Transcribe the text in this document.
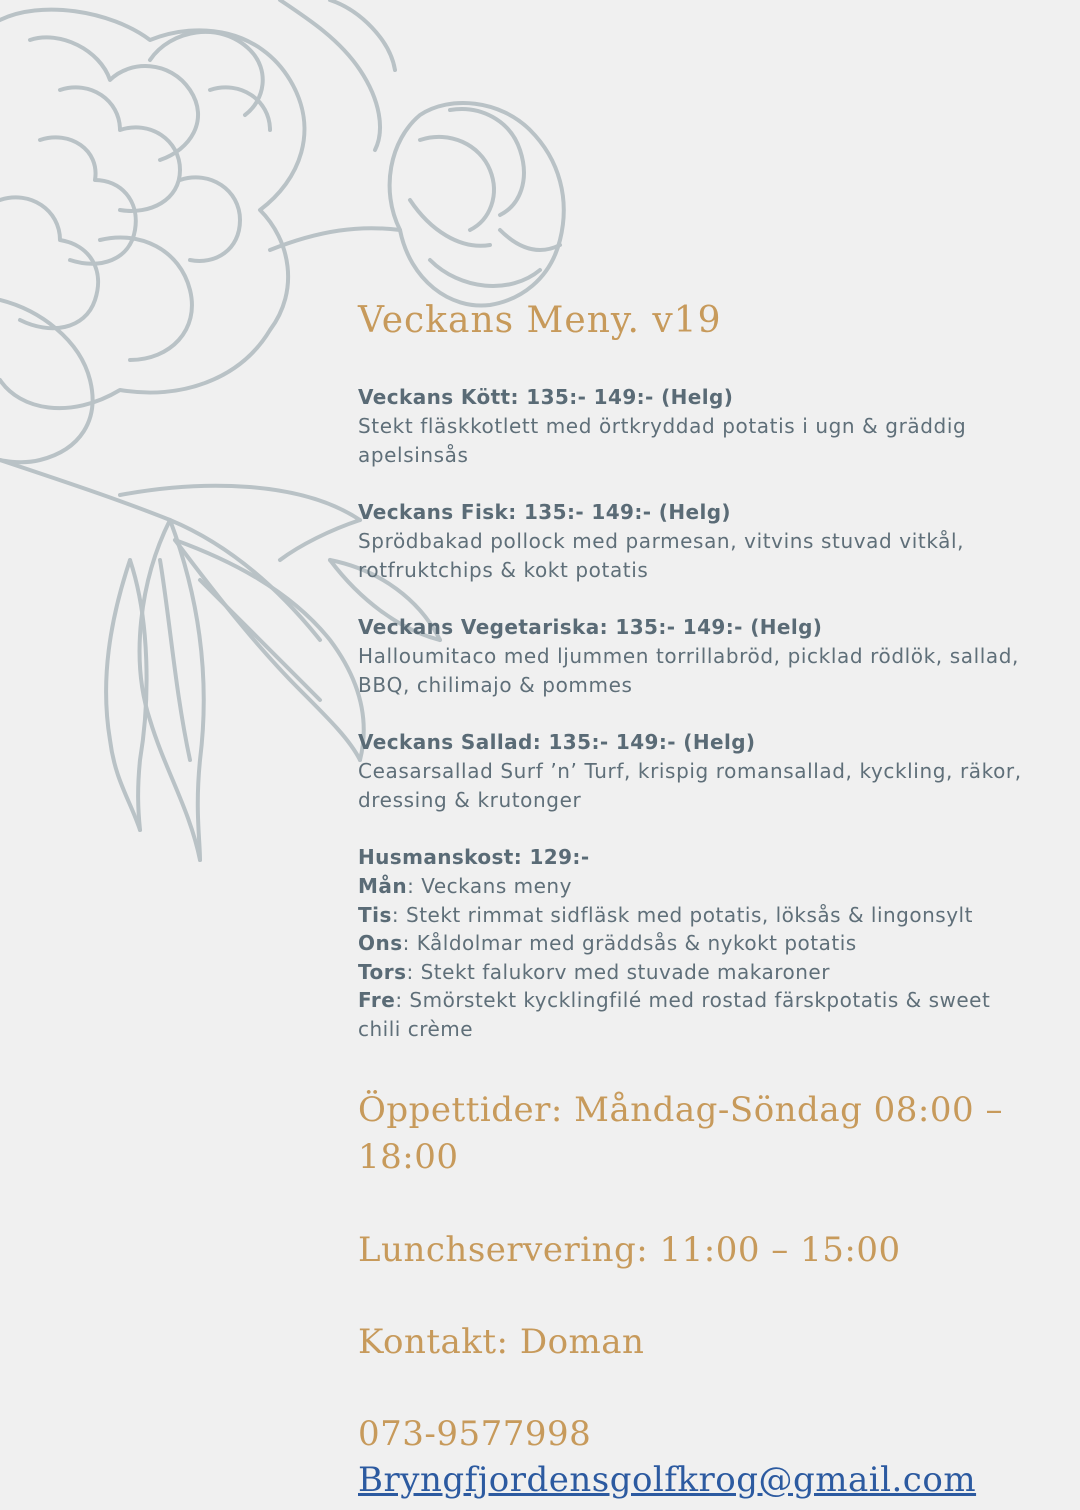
Veckans Meny. v19
Veckans Kött: 135:- 149:- (Helg)
Stekt fläskkotlett med örtkryddad potatis i ugn & gräddig apelsinsås
Veckans Fisk: 135:- 149:- (Helg)
Sprödbakad pollock med parmesan, vitvins stuvad vitkål, rotfruktchips & kokt potatis
Veckans Vegetariska: 135:- 149:- (Helg)
Halloumitaco med ljummen torrillabröd, picklad rödlök, sallad, BBQ, chilimajo & pommes
Veckans Sallad: 135:- 149:- (Helg)
Ceasarsallad Surf ’n’ Turf, krispig romansallad, kyckling, räkor, dressing & krutonger
Husmanskost: 129:-
Mån: Veckans meny
Tis: Stekt rimmat sidfläsk med potatis, löksås & lingonsylt
Ons: Kåldolmar med gräddsås & nykokt potatis
Tors: Stekt falukorv med stuvade makaroner
Fre: Smörstekt kycklingfilé med rostad färskpotatis & sweet chili crème
Öppettider: Måndag-Söndag 08:00 – 18:00
Lunchservering: 11:00 – 15:00
Kontakt: Doman
073-9577998
Bryngfjordensgolfkrog@gmail.com
